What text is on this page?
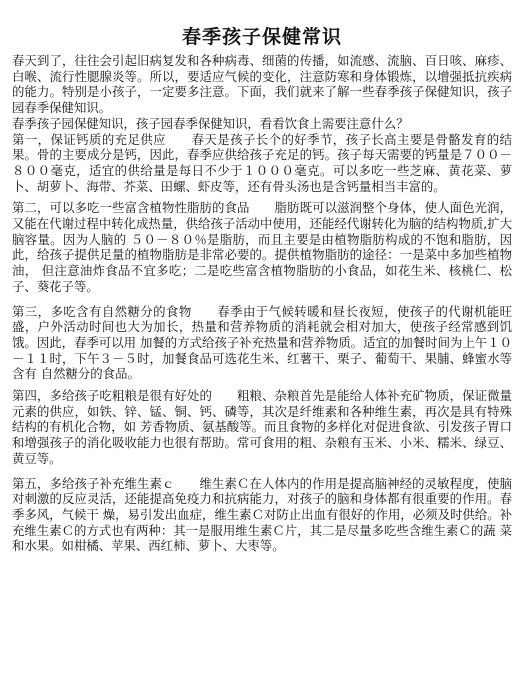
春季孩子保健常识

春天到了，往往会引起旧病复发和各种病毒、细菌的传播，如流感、流脑、百日咳、麻疹、白喉、流行性腮腺炎等。所以，要适应气候的变化，注意防寒和身体锻炼，以增强抵抗疾病的能力。特别是小孩子，一定要多注意。下面，我们就来了解一些春季孩子保健知识，孩子园春季保健知识。

春季孩子园保健知识，孩子园春季保健知识，看看饮食上需要注意什么？

第一，保证钙质的充足供应　　春天是孩子长个的好季节，孩子长高主要是骨骼发育的结果。骨的主要成分是钙，因此，春季应供给孩子充足的钙。孩子每天需要的钙量是７００－８００毫克，适宜的供给量是每日不少于１０００毫克。可以多吃一些芝麻、黄花菜、萝卜、胡萝卜、海带、芥菜、田螺、虾皮等，还有骨头汤也是含钙量相当丰富的。

第二，可以多吃一些富含植物性脂肪的食品　　脂肪既可以滋润整个身体，使人面色光润，又能在代谢过程中转化成热量，供给孩子活动中使用，还能经代谢转化为脑的结构物质,扩大脑容量。因为人脑的 ５０－８０％是脂肪，而且主要是由植物脂肪构成的不饱和脂肪，因此，给孩子提供足量的植物脂肪是非常必要的。提供植物脂肪的途径：一是菜中多加些植物油， 但注意油炸食品不宜多吃；二是吃些富含植物脂肪的小食品，如花生米、核桃仁、松子、葵花子等。

第三，多吃含有自然糖分的食物　　春季由于气候转暖和昼长夜短，使孩子的代谢机能旺盛，户外活动时间也大为加长，热量和营养物质的消耗就会相对加大，使孩子经常感到饥饿。因此，春季可以用 加餐的方式给孩子补充热量和营养物质。适宜的加餐时间为上午１０－１１时，下午３－５时，加餐食品可选花生米、红薯干、栗子、葡萄干、果脯、蜂蜜水等含有 自然糖分的食品。

第四，多给孩子吃粗粮是很有好处的　　粗粮、杂粮首先是能给人体补充矿物质，保证微量元素的供应，如铁、锌、锰、铜、钙、磷等，其次是纤维素和各种维生素，再次是具有特殊结构的有机化合物，如 芳香物质、氨基酸等。而且食物的多样化对促进食欲、引发孩子胃口和增强孩子的消化吸收能力也很有帮助。常可食用的粗、杂粮有玉米、小米、糯米、绿豆、黄豆等。

第五，多给孩子补充维生素ｃ　　维生素Ｃ在人体内的作用是提高脑神经的灵敏程度，使脑对刺激的反应灵活，还能提高免疫力和抗病能力，对孩子的脑和身体都有很重要的作用。春季多风，气候干 燥，易引发出血症，维生素Ｃ对防止出血有很好的作用，必须及时供给。补充维生素Ｃ的方式也有两种：其一是服用维生素Ｃ片，其二是尽量多吃些含维生素Ｃ的蔬 菜和水果。如柑橘、苹果、西红柿、萝卜、大枣等。
